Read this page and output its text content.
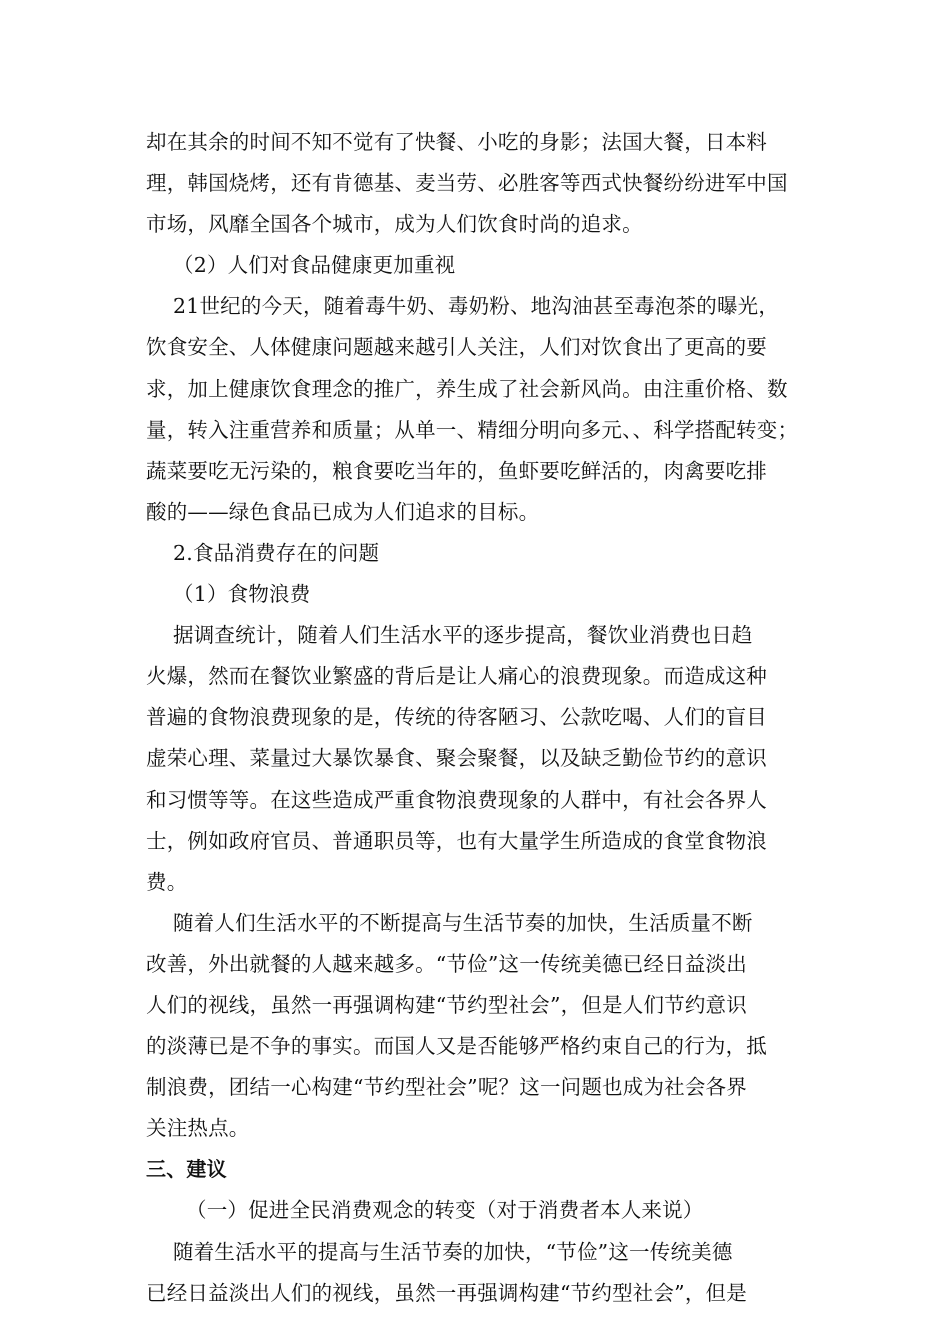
却在其余的时间不知不觉有了快餐、小吃的身影；法国大餐，日本料
理，韩国烧烤，还有肯德基、麦当劳、必胜客等西式快餐纷纷进军中国
市场，风靡全国各个城市，成为人们饮食时尚的追求。
（2）人们对食品健康更加重视
21世纪的今天，随着毒牛奶、毒奶粉、地沟油甚至毒泡茶的曝光，
饮食安全、人体健康问题越来越引人关注，人们对饮食出了更高的要
求，加上健康饮食理念的推广，养生成了社会新风尚。由注重价格、数
量，转入注重营养和质量；从单一、精细分明向多元、、科学搭配转变；
蔬菜要吃无污染的，粮食要吃当年的，鱼虾要吃鲜活的，肉禽要吃排
酸的——绿色食品已成为人们追求的目标。
2.食品消费存在的问题
（1）食物浪费
据调查统计，随着人们生活水平的逐步提高，餐饮业消费也日趋
火爆，然而在餐饮业繁盛的背后是让人痛心的浪费现象。而造成这种
普遍的食物浪费现象的是，传统的待客陋习、公款吃喝、人们的盲目
虚荣心理、菜量过大暴饮暴食、聚会聚餐，以及缺乏勤俭节约的意识
和习惯等等。在这些造成严重食物浪费现象的人群中，有社会各界人
士，例如政府官员、普通职员等，也有大量学生所造成的食堂食物浪
费。
随着人们生活水平的不断提高与生活节奏的加快，生活质量不断
改善，外出就餐的人越来越多。“节俭”这一传统美德已经日益淡出
人们的视线，虽然一再强调构建“节约型社会”，但是人们节约意识
的淡薄已是不争的事实。而国人又是否能够严格约束自己的行为，抵
制浪费，团结一心构建“节约型社会”呢？这一问题也成为社会各界
关注热点。
三、建议
（一）促进全民消费观念的转变（对于消费者本人来说）
随着生活水平的提高与生活节奏的加快，“节俭”这一传统美德
已经日益淡出人们的视线，虽然一再强调构建“节约型社会”，但是
